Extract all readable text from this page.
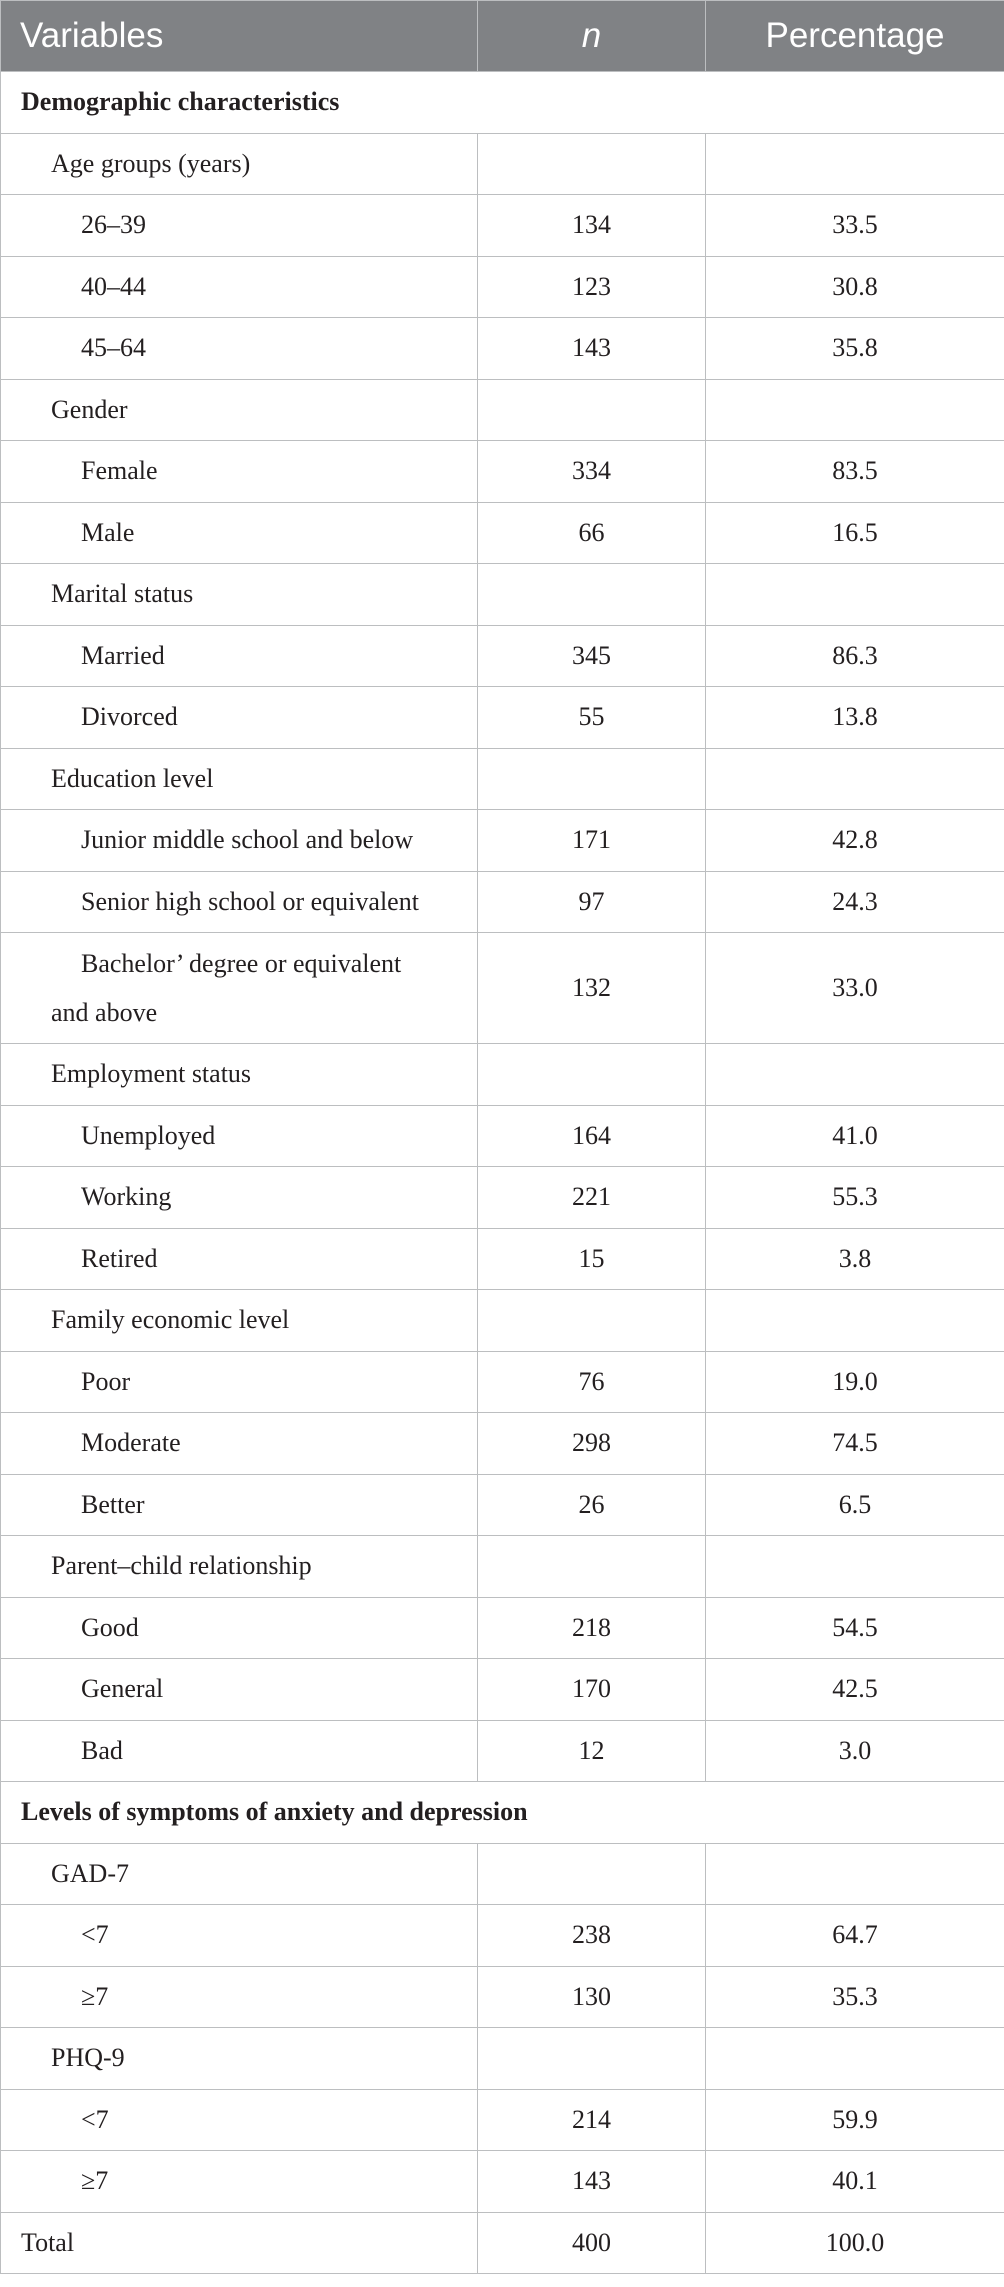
Variables	n	Percentage
Demographic characteristics		
Age groups (years)		
26–39	134	33.5
40–44	123	30.8
45–64	143	35.8
Gender		
Female	334	83.5
Male	66	16.5
Marital status		
Married	345	86.3
Divorced	55	13.8
Education level		
Junior middle school and below	171	42.8
Senior high school or equivalent	97	24.3

Bachelor’ degree or equivalent
and above	132	33.0
Employment status		
Unemployed	164	41.0
Working	221	55.3
Retired	15	3.8
Family economic level		
Poor	76	19.0
Moderate	298	74.5
Better	26	6.5
Parent–child relationship		
Good	218	54.5
General	170	42.5
Bad	12	3.0
Levels of symptoms of anxiety and depression		
GAD-7		
<7	238	64.7
≥7	130	35.3
PHQ-9		
<7	214	59.9
≥7	143	40.1
Total	400	100.0
